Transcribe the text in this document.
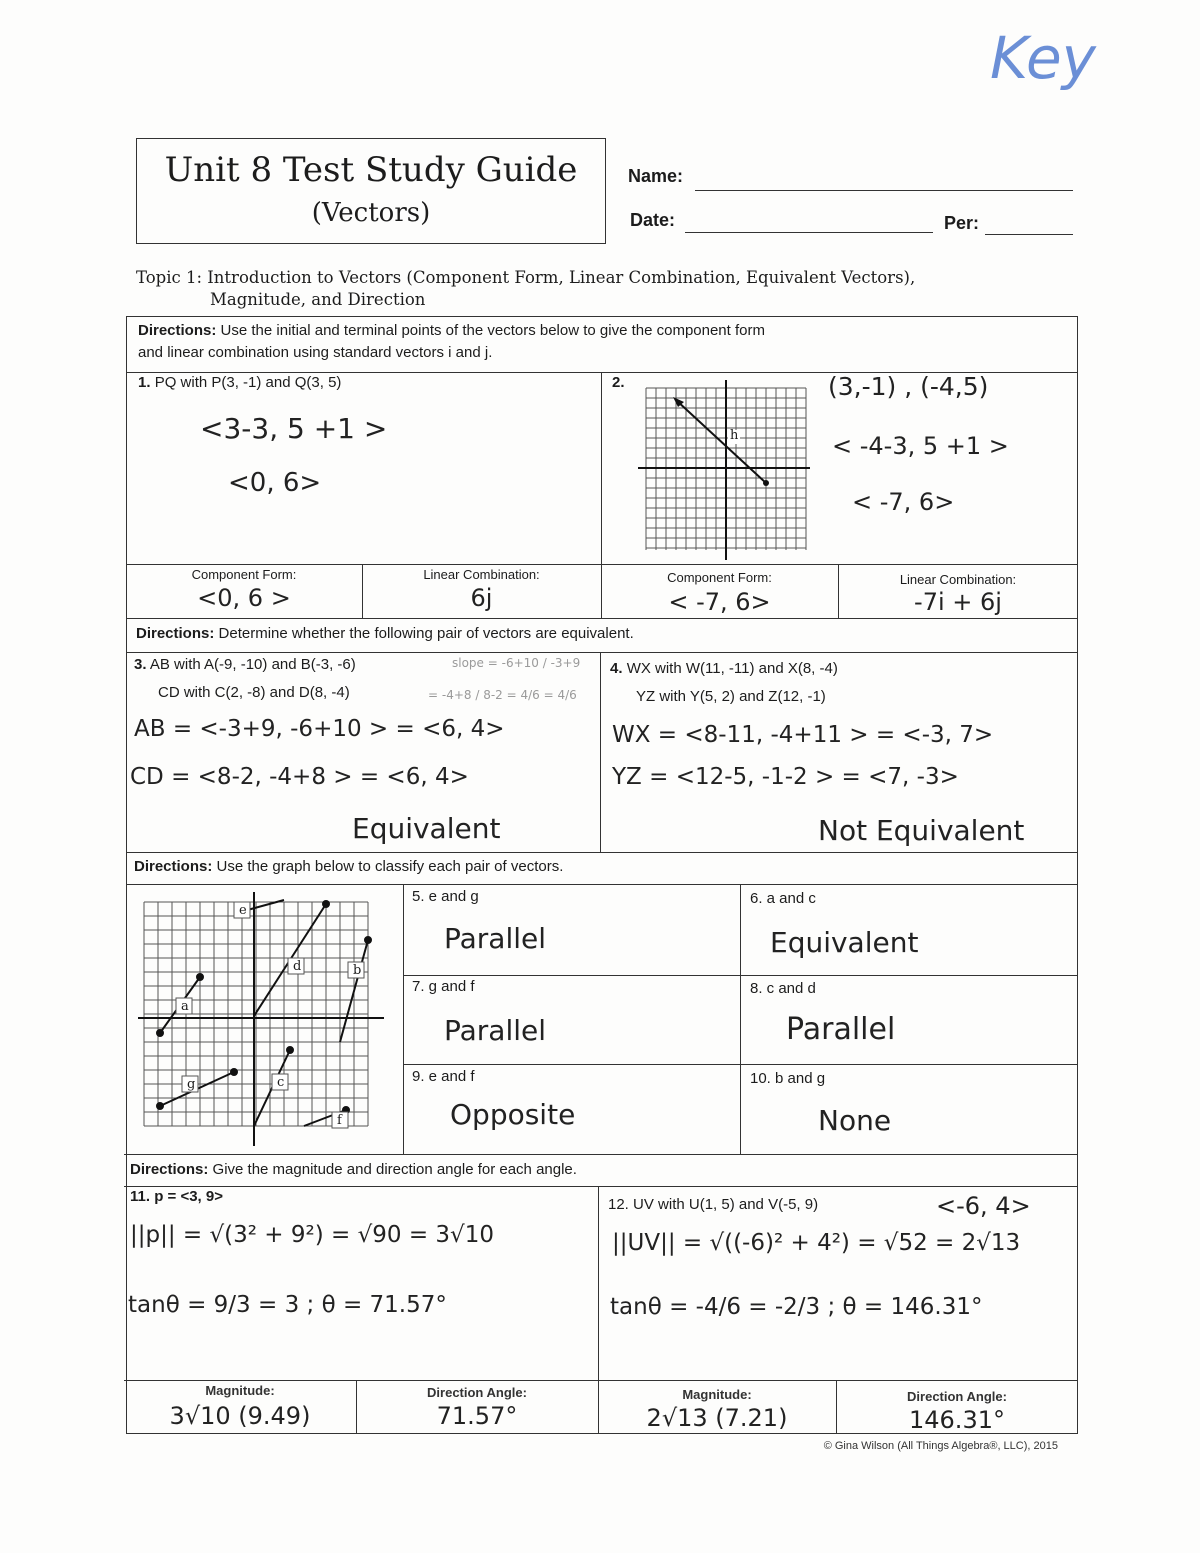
Key
Unit 8 Test Study Guide
(Vectors)
Name:
Date:	Per:
Topic 1: Introduction to Vectors (Component Form, Linear Combination, Equivalent Vectors),
Magnitude, and Direction
Directions: Use the initial and terminal points of the vectors below to give the component form
and linear combination using standard vectors i and j.
1. PQ with P(3, -1) and Q(3, 5)
<3-3, 5 +1 >
<0, 6>
2.
h
(3,-1) , (-4,5)
< -4-3, 5 +1 >
< -7, 6>
Component Form:
<0, 6 >
Linear Combination:
6j
Component Form:
< -7, 6>
Linear Combination:
-7i + 6j
Directions: Determine whether the following pair of vectors are equivalent.
3. AB with A(-9, -10) and B(-3, -6)
CD with C(2, -8) and D(8, -4)
slope = -6+10 / -3+9
= -4+8 / 8-2 = 4/6 = 4/6
AB = <-3+9, -6+10 > = <6, 4>
CD = <8-2, -4+8 > = <6, 4>
Equivalent
4. WX with W(11, -11) and X(8, -4)
YZ with Y(5, 2) and Z(12, -1)
WX = <8-11, -4+11 > = <-3, 7>
YZ = <12-5, -1-2 > = <7, -3>
Not Equivalent
Directions: Use the graph below to classify each pair of vectors.
e
d	b
a
g	c
f
5. e and g
Parallel
6. a and c
Equivalent
7. g and f
Parallel
8. c and d
Parallel
9. e and f
Opposite
10. b and g
None
Directions: Give the magnitude and direction angle for each angle.
11. p = <3, 9>
||p|| = √(3² + 9²) = √90 = 3√10
tanθ = 9/3 = 3 ; θ = 71.57°
12. UV with U(1, 5) and V(-5, 9)	<-6, 4>
||UV|| = √((-6)² + 4²) = √52 = 2√13
tanθ = -4/6 = -2/3 ; θ = 146.31°
Magnitude:
3√10 (9.49)
Direction Angle:
71.57°
Magnitude:
2√13 (7.21)
Direction Angle:
146.31°
© Gina Wilson (All Things Algebra®, LLC), 2015
